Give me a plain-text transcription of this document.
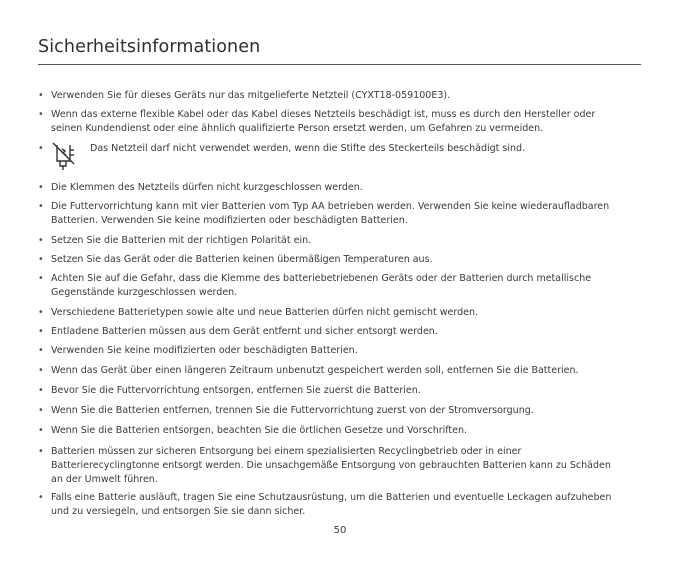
Sicherheitsinformationen
• Verwenden Sie für dieses Geräts nur das mitgelieferte Netzteil (CYXT18-059100E3).
• Wenn das externe flexible Kabel oder das Kabel dieses Netzteils beschädigt ist, muss es durch den Hersteller oder
seinen Kundendienst oder eine ähnlich qualifizierte Person ersetzt werden, um Gefahren zu vermeiden.
•	Das Netzteil darf nicht verwendet werden, wenn die Stifte des Steckerteils beschädigt sind.
• Die Klemmen des Netzteils dürfen nicht kurzgeschlossen werden.
• Die Futtervorrichtung kann mit vier Batterien vom Typ AA betrieben werden. Verwenden Sie keine wiederaufladbaren
Batterien. Verwenden Sie keine modifizierten oder beschädigten Batterien.
• Setzen Sie die Batterien mit der richtigen Polarität ein.
• Setzen Sie das Gerät oder die Batterien keinen übermäßigen Temperaturen aus.
• Achten Sie auf die Gefahr, dass die Klemme des batteriebetriebenen Geräts oder der Batterien durch metallische
Gegenstände kurzgeschlossen werden.
• Verschiedene Batterietypen sowie alte und neue Batterien dürfen nicht gemischt werden.
• Entladene Batterien müssen aus dem Gerät entfernt und sicher entsorgt werden.
• Verwenden Sie keine modifizierten oder beschädigten Batterien.
• Wenn das Gerät über einen längeren Zeitraum unbenutzt gespeichert werden soll, entfernen Sie die Batterien.
• Bevor Sie die Futtervorrichtung entsorgen, entfernen Sie zuerst die Batterien.
• Wenn Sie die Batterien entfernen, trennen Sie die Futtervorrichtung zuerst von der Stromversorgung.
• Wenn Sie die Batterien entsorgen, beachten Sie die örtlichen Gesetze und Vorschriften.
• Batterien müssen zur sicheren Entsorgung bei einem spezialisierten Recyclingbetrieb oder in einer
Batterierecyclingtonne entsorgt werden. Die unsachgemäße Entsorgung von gebrauchten Batterien kann zu Schäden
an der Umwelt führen.
• Falls eine Batterie ausläuft, tragen Sie eine Schutzausrüstung, um die Batterien und eventuelle Leckagen aufzuheben
und zu versiegeln, und entsorgen Sie sie dann sicher.
50
